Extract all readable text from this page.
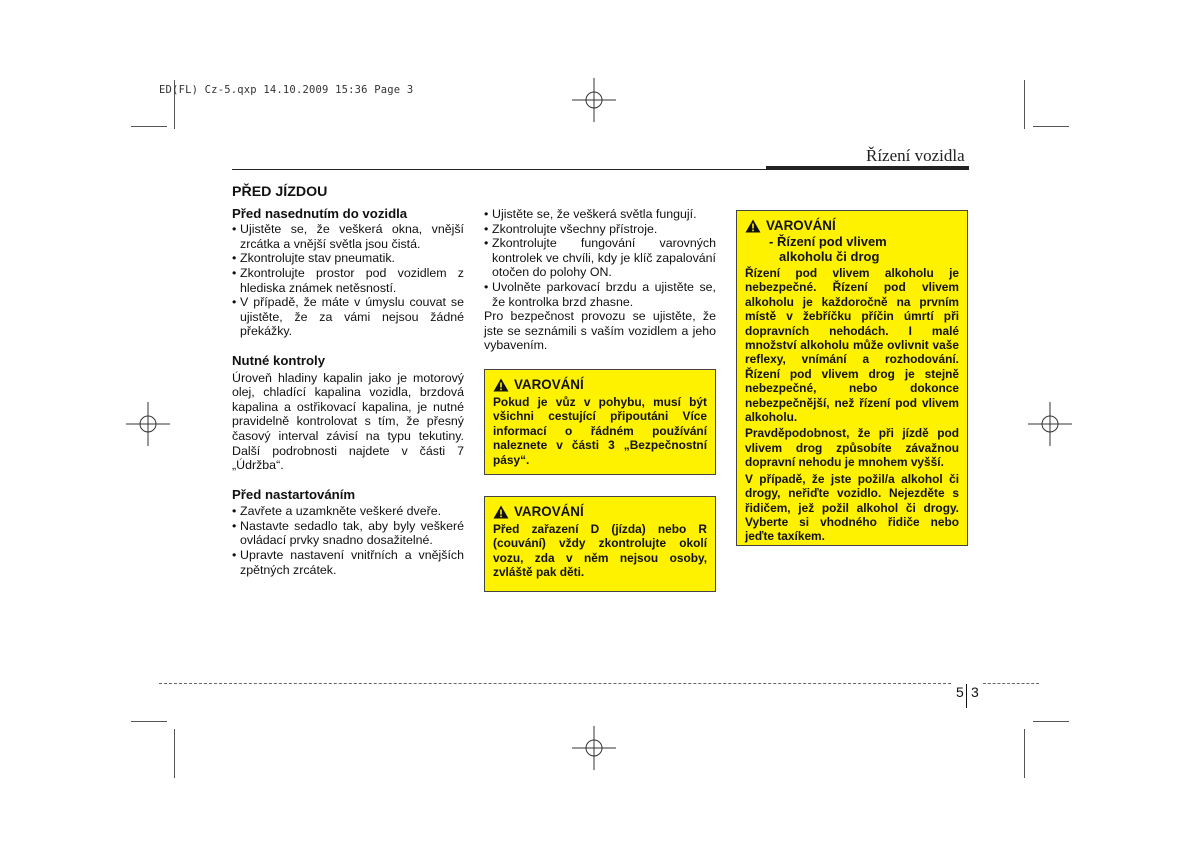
ED(FL) Cz-5.qxp 14.10.2009 15:36 Page 3
Řízení vozidla
PŘED JÍZDOU
Před nasednutím do vozidla
• Ujistěte se, že veškerá okna, vnější zrcátka a vnější světla jsou čistá.
• Zkontrolujte stav pneumatik.
• Zkontrolujte prostor pod vozidlem z hlediska známek netěsností.
• V případě, že máte v úmyslu couvat se ujistěte, že za vámi nejsou žádné překážky.
Nutné kontroly

Úroveň hladiny kapalin jako je motorový olej, chladící kapalina vozidla, brzdová kapalina a ostřikovací kapalina, je nutné pravidelně kontrolovat s tím, že přesný časový interval závisí na typu tekutiny. Další podrobnosti najdete v části 7 „Údržba“.

Před nastartováním
• Zavřete a uzamkněte veškeré dveře.
• Nastavte sedadlo tak, aby byly veškeré ovládací prvky snadno dosažitelné.
• Upravte nastavení vnitřních a vnějších zpětných zrcátek.
• Ujistěte se, že veškerá světla fungují.
• Zkontrolujte všechny přístroje.
• Zkontrolujte fungování varovných kontrolek ve chvíli, kdy je klíč zapalování otočen do polohy ON.
• Uvolněte parkovací brzdu a ujistěte se, že kontrolka brzd zhasne.

Pro bezpečnost provozu se ujistěte, že jste se seznámili s vaším vozidlem a jeho vybavením.

VAROVÁNÍ
Pokud je vůz v pohybu, musí být všichni cestující připoutáni Více informací o řádném používání naleznete v části 3 „Bezpečnostní pásy“.
VAROVÁNÍ
Před zařazení D (jízda) nebo R (couvání) vždy zkontrolujte okolí vozu, zda v něm nejsou osoby, zvláště pak děti.
VAROVÁNÍ
- Řízení pod vlivem
alkoholu či drog
Řízení pod vlivem alkoholu je nebezpečné. Řízení pod vlivem alkoholu je každoročně na prvním místě v žebříčku příčin úmrtí při dopravních nehodách. I malé množství alkoholu může ovlivnit vaše reflexy, vnímání a rozhodování. Řízení pod vlivem drog je stejně nebezpečné, nebo dokonce nebezpečnější, než řízení pod vlivem alkoholu.
Pravděpodobnost, že při jízdě pod vlivem drog způsobíte závažnou dopravní nehodu je mnohem vyšší.
V případě, že jste požil/a alkohol či drogy, neřiďte vozidlo. Nejezděte s řidičem, jež požil alkohol či drogy. Vyberte si vhodného řidiče nebo jeďte taxíkem.
5 3
